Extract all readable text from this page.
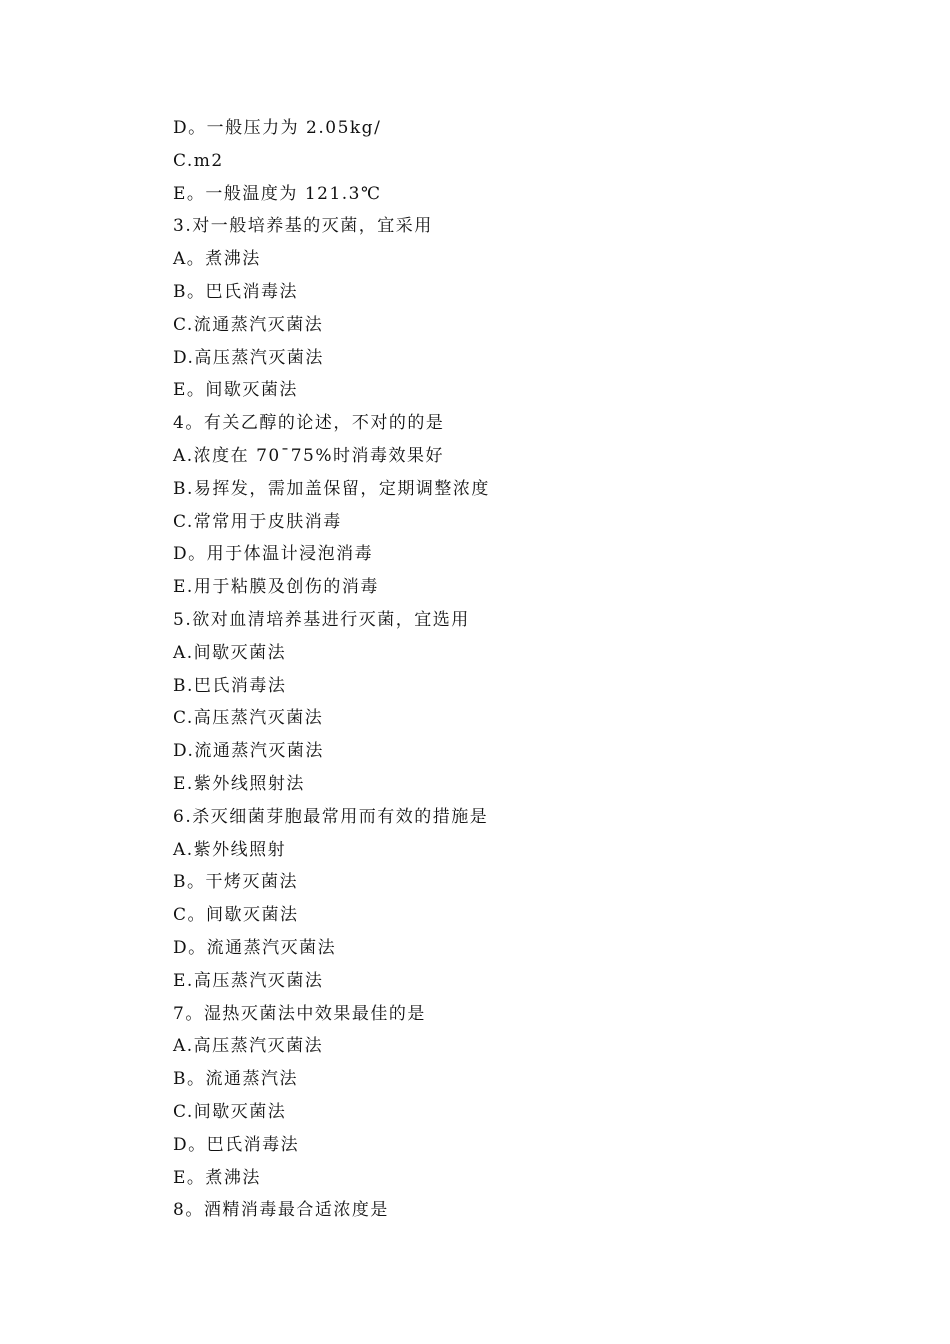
D。一般压力为 2.05kg/
C.m2
E。一般温度为 121.3℃
3.对一般培养基的灭菌，宜采用
A。煮沸法
B。巴氏消毒法
C.流通蒸汽灭菌法
D.高压蒸汽灭菌法
E。间歇灭菌法
4。有关乙醇的论述，不对的的是
A.浓度在 70¯75%时消毒效果好
B.易挥发，需加盖保留，定期调整浓度
C.常常用于皮肤消毒
D。用于体温计浸泡消毒
E.用于粘膜及创伤的消毒
5.欲对血清培养基进行灭菌，宜选用
A.间歇灭菌法
B.巴氏消毒法
C.高压蒸汽灭菌法
D.流通蒸汽灭菌法
E.紫外线照射法
6.杀灭细菌芽胞最常用而有效的措施是
A.紫外线照射
B。干烤灭菌法
C。间歇灭菌法
D。流通蒸汽灭菌法
E.高压蒸汽灭菌法
7。湿热灭菌法中效果最佳的是
A.高压蒸汽灭菌法
B。流通蒸汽法
C.间歇灭菌法
D。巴氏消毒法
E。煮沸法
8。酒精消毒最合适浓度是
